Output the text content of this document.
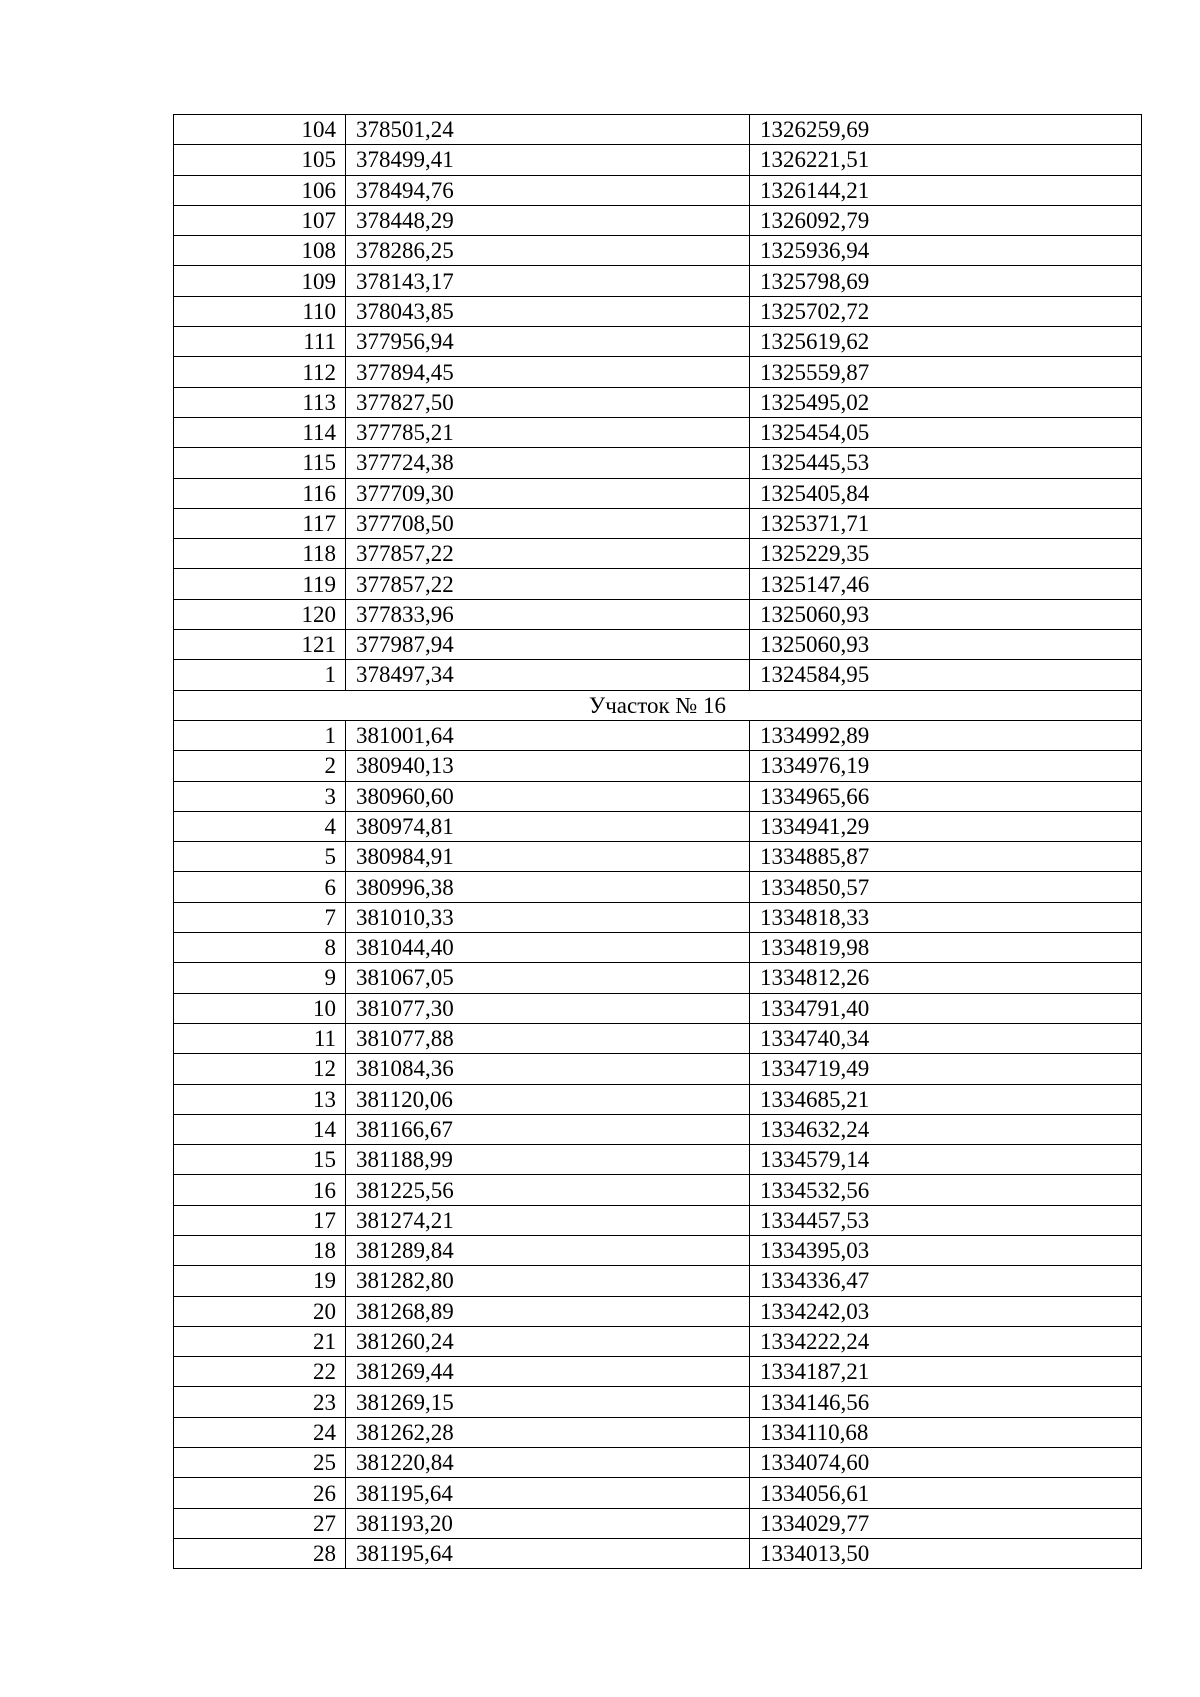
104	378501,24	1326259,69
105	378499,41	1326221,51
106	378494,76	1326144,21
107	378448,29	1326092,79
108	378286,25	1325936,94
109	378143,17	1325798,69
110	378043,85	1325702,72
111	377956,94	1325619,62
112	377894,45	1325559,87
113	377827,50	1325495,02
114	377785,21	1325454,05
115	377724,38	1325445,53
116	377709,30	1325405,84
117	377708,50	1325371,71
118	377857,22	1325229,35
119	377857,22	1325147,46
120	377833,96	1325060,93
121	377987,94	1325060,93
1	378497,34	1324584,95
Участок № 16		
1	381001,64	1334992,89
2	380940,13	1334976,19
3	380960,60	1334965,66
4	380974,81	1334941,29
5	380984,91	1334885,87
6	380996,38	1334850,57
7	381010,33	1334818,33
8	381044,40	1334819,98
9	381067,05	1334812,26
10	381077,30	1334791,40
11	381077,88	1334740,34
12	381084,36	1334719,49
13	381120,06	1334685,21
14	381166,67	1334632,24
15	381188,99	1334579,14
16	381225,56	1334532,56
17	381274,21	1334457,53
18	381289,84	1334395,03
19	381282,80	1334336,47
20	381268,89	1334242,03
21	381260,24	1334222,24
22	381269,44	1334187,21
23	381269,15	1334146,56
24	381262,28	1334110,68
25	381220,84	1334074,60
26	381195,64	1334056,61
27	381193,20	1334029,77
28	381195,64	1334013,50
